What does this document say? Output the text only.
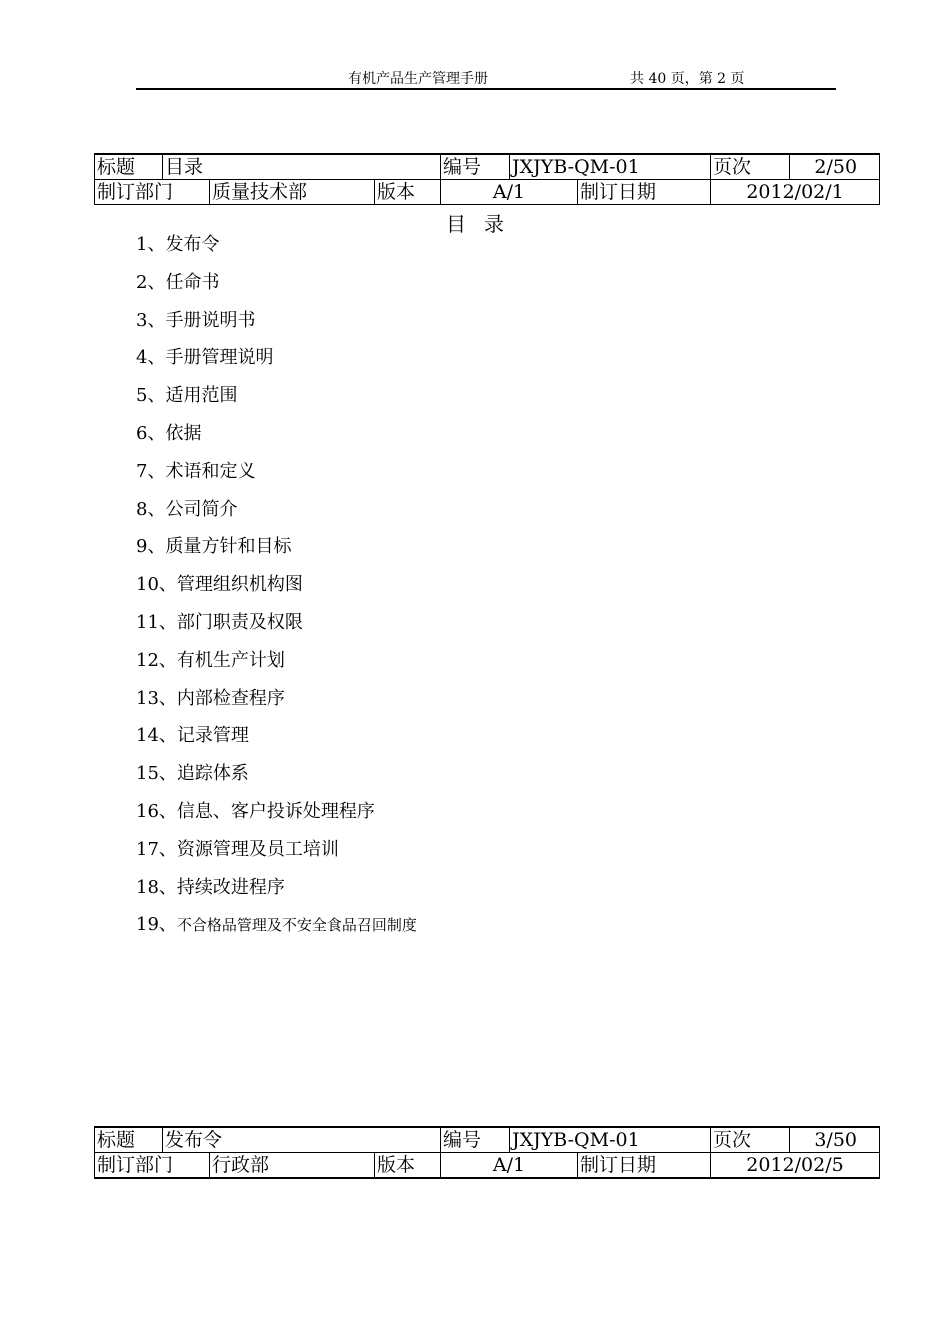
有机产品生产管理手册	共 40 页，第 2 页
标题	目录			编号	JXJYB-QM-01		页次	2/50
制订部门		质量技术部	版本	A/1		制订日期	2012/02/1	
目录
1、发布令
2、任命书
3、手册说明书
4、手册管理说明
5、适用范围
6、依据
7、术语和定义
8、公司简介
9、质量方针和目标
10、管理组织机构图
11、部门职责及权限
12、有机生产计划
13、内部检查程序
14、记录管理
15、追踪体系
16、信息、客户投诉处理程序
17、资源管理及员工培训
18、持续改进程序
19、不合格品管理及不安全食品召回制度
标题	发布令			编号	JXJYB-QM-01		页次	3/50
制订部门		行政部	版本	A/1		制订日期	2012/02/5	
